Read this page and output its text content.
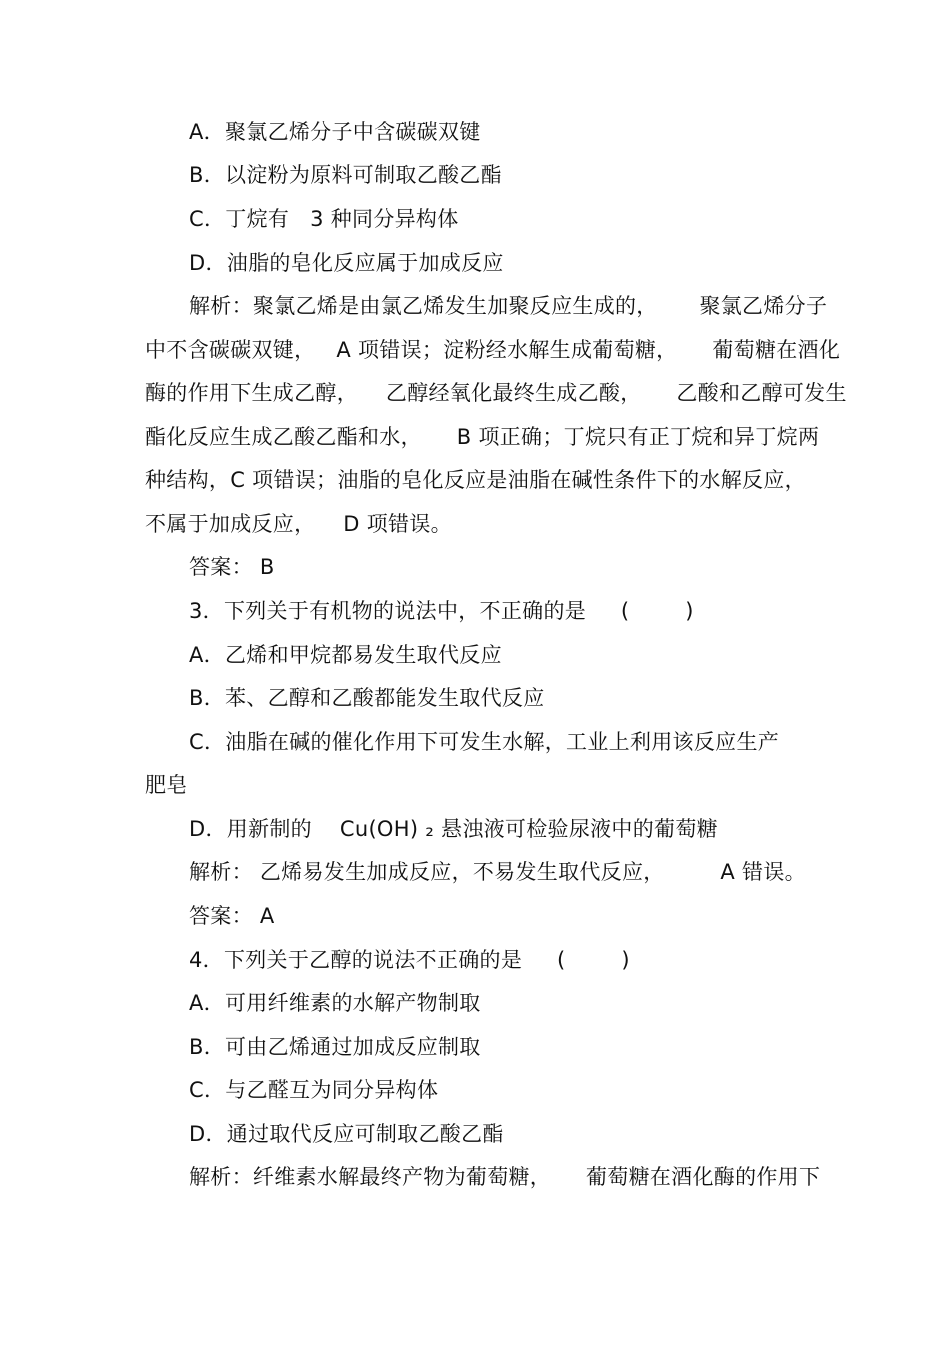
A．聚氯乙烯分子中含碳碳双键
B．以淀粉为原料可制取乙酸乙酯
C．丁烷有   3 种同分异构体
D．油脂的皂化反应属于加成反应
解析：聚氯乙烯是由氯乙烯发生加聚反应生成的，      聚氯乙烯分子
中不含碳碳双键，   A 项错误；淀粉经水解生成葡萄糖，     葡萄糖在酒化
酶的作用下生成乙醇，    乙醇经氧化最终生成乙酸，     乙酸和乙醇可发生
酯化反应生成乙酸乙酯和水，     B 项正确；丁烷只有正丁烷和异丁烷两
种结构，C 项错误；油脂的皂化反应是油脂在碱性条件下的水解反应，
不属于加成反应，    D 项错误。
答案： B
3．下列关于有机物的说法中，不正确的是     (        )
A．乙烯和甲烷都易发生取代反应
B．苯、乙醇和乙酸都能发生取代反应
C．油脂在碱的催化作用下可发生水解，工业上利用该反应生产
肥皂
D．用新制的    Cu(OH) ₂ 悬浊液可检验尿液中的葡萄糖
解析： 乙烯易发生加成反应，不易发生取代反应，        A 错误。
答案： A
4．下列关于乙醇的说法不正确的是     (        )
A．可用纤维素的水解产物制取
B．可由乙烯通过加成反应制取
C．与乙醛互为同分异构体
D．通过取代反应可制取乙酸乙酯
解析：纤维素水解最终产物为葡萄糖，     葡萄糖在酒化酶的作用下
